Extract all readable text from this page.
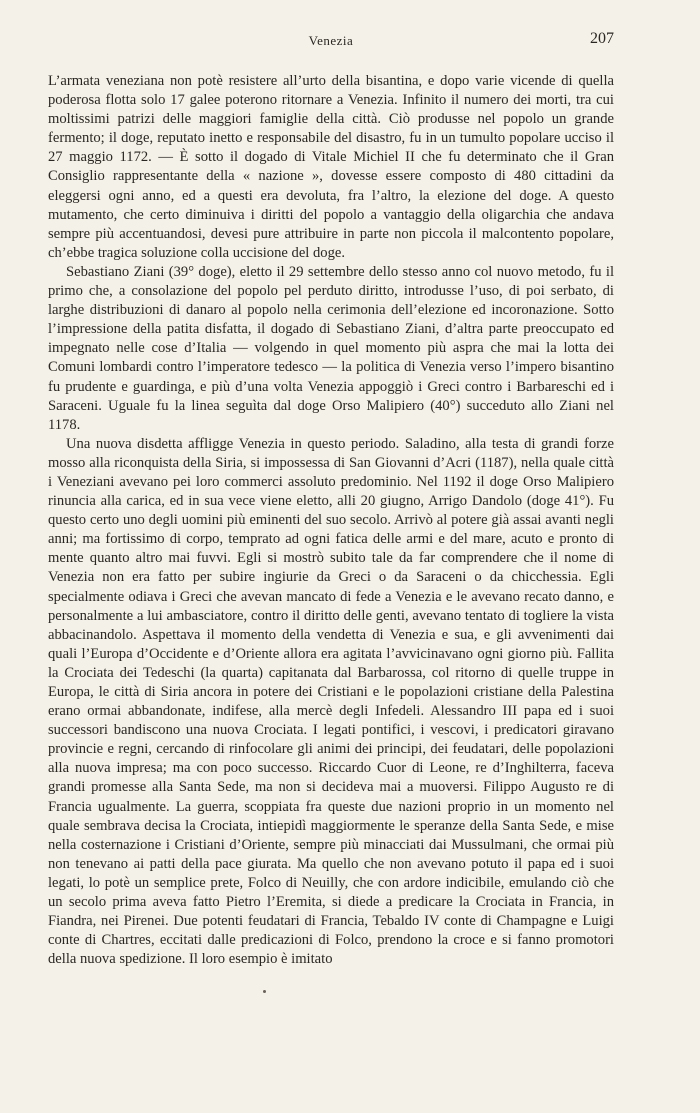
Venezia	207

L’armata veneziana non potè resistere all’urto della bisantina, e dopo varie vicende di quella poderosa flotta solo 17 galee poterono ritornare a Venezia. Infinito il numero dei morti, tra cui moltissimi patrizi delle maggiori famiglie della città. Ciò produsse nel popolo un grande fermento; il doge, reputato inetto e responsabile del disastro, fu in un tumulto popolare ucciso il 27 maggio 1172. — È sotto il dogado di Vitale Michiel II che fu determinato che il Gran Consiglio rappresentante della « nazione », dovesse essere composto di 480 cittadini da eleggersi ogni anno, ed a questi era devoluta, fra l’altro, la elezione del doge. A questo mutamento, che certo diminuiva i diritti del popolo a vantaggio della oligarchia che andava sempre più accentuandosi, devesi pure attribuire in parte non piccola il malcontento popolare, ch’ebbe tragica soluzione colla uccisione del doge.

Sebastiano Ziani (39° doge), eletto il 29 settembre dello stesso anno col nuovo metodo, fu il primo che, a consolazione del popolo pel perduto diritto, introdusse l’uso, di poi serbato, di larghe distribuzioni di danaro al popolo nella cerimonia dell’elezione ed incoronazione. Sotto l’impressione della patita disfatta, il dogado di Sebastiano Ziani, d’altra parte preoccupato ed impegnato nelle cose d’Italia — volgendo in quel momento più aspra che mai la lotta dei Comuni lombardi contro l’imperatore tedesco — la politica di Venezia verso l’impero bisantino fu prudente e guardinga, e più d’una volta Venezia appoggiò i Greci contro i Barbareschi ed i Saraceni. Uguale fu la linea seguìta dal doge Orso Malipiero (40°) succeduto allo Ziani nel 1178.

Una nuova disdetta affligge Venezia in questo periodo. Saladino, alla testa di grandi forze mosso alla riconquista della Siria, si impossessa di San Giovanni d’Acri (1187), nella quale città i Veneziani avevano pei loro commerci assoluto predominio. Nel 1192 il doge Orso Malipiero rinuncia alla carica, ed in sua vece viene eletto, alli 20 giugno, Arrigo Dandolo (doge 41°). Fu questo certo uno degli uomini più eminenti del suo secolo. Arrivò al potere già assai avanti negli anni; ma fortissimo di corpo, temprato ad ogni fatica delle armi e del mare, acuto e pronto di mente quanto altro mai fuvvi. Egli si mostrò subito tale da far comprendere che il nome di Venezia non era fatto per subire ingiurie da Greci o da Saraceni o da chicchessia. Egli specialmente odiava i Greci che avevan mancato di fede a Venezia e le avevano recato danno, e personalmente a lui ambasciatore, contro il diritto delle genti, avevano tentato di togliere la vista abbacinandolo. Aspettava il momento della vendetta di Venezia e sua, e gli avvenimenti dai quali l’Europa d’Occidente e d’Oriente allora era agitata l’avvicinavano ogni giorno più. Fallita la Crociata dei Tedeschi (la quarta) capitanata dal Barbarossa, col ritorno di quelle truppe in Europa, le città di Siria ancora in potere dei Cristiani e le popolazioni cristiane della Palestina erano ormai abbandonate, indifese, alla mercè degli Infedeli. Alessandro III papa ed i suoi successori bandiscono una nuova Crociata. I legati pontifici, i vescovi, i predicatori giravano provincie e regni, cercando di rinfocolare gli animi dei principi, dei feudatari, delle popolazioni alla nuova impresa; ma con poco successo. Riccardo Cuor di Leone, re d’Inghilterra, faceva grandi promesse alla Santa Sede, ma non si decideva mai a muoversi. Filippo Augusto re di Francia ugualmente. La guerra, scoppiata fra queste due nazioni proprio in un momento nel quale sembrava decisa la Crociata, intiepidì maggiormente le speranze della Santa Sede, e mise nella costernazione i Cristiani d’Oriente, sempre più minacciati dai Mussulmani, che ormai più non tenevano ai patti della pace giurata. Ma quello che non avevano potuto il papa ed i suoi legati, lo potè un semplice prete, Folco di Neuilly, che con ardore indicibile, emulando ciò che un secolo prima aveva fatto Pietro l’Eremita, si diede a predicare la Crociata in Francia, in Fiandra, nei Pirenei. Due potenti feudatari di Francia, Tebaldo IV conte di Champagne e Luigi conte di Chartres, eccitati dalle predicazioni di Folco, prendono la croce e si fanno promotori della nuova spedizione. Il loro esempio è imitato
